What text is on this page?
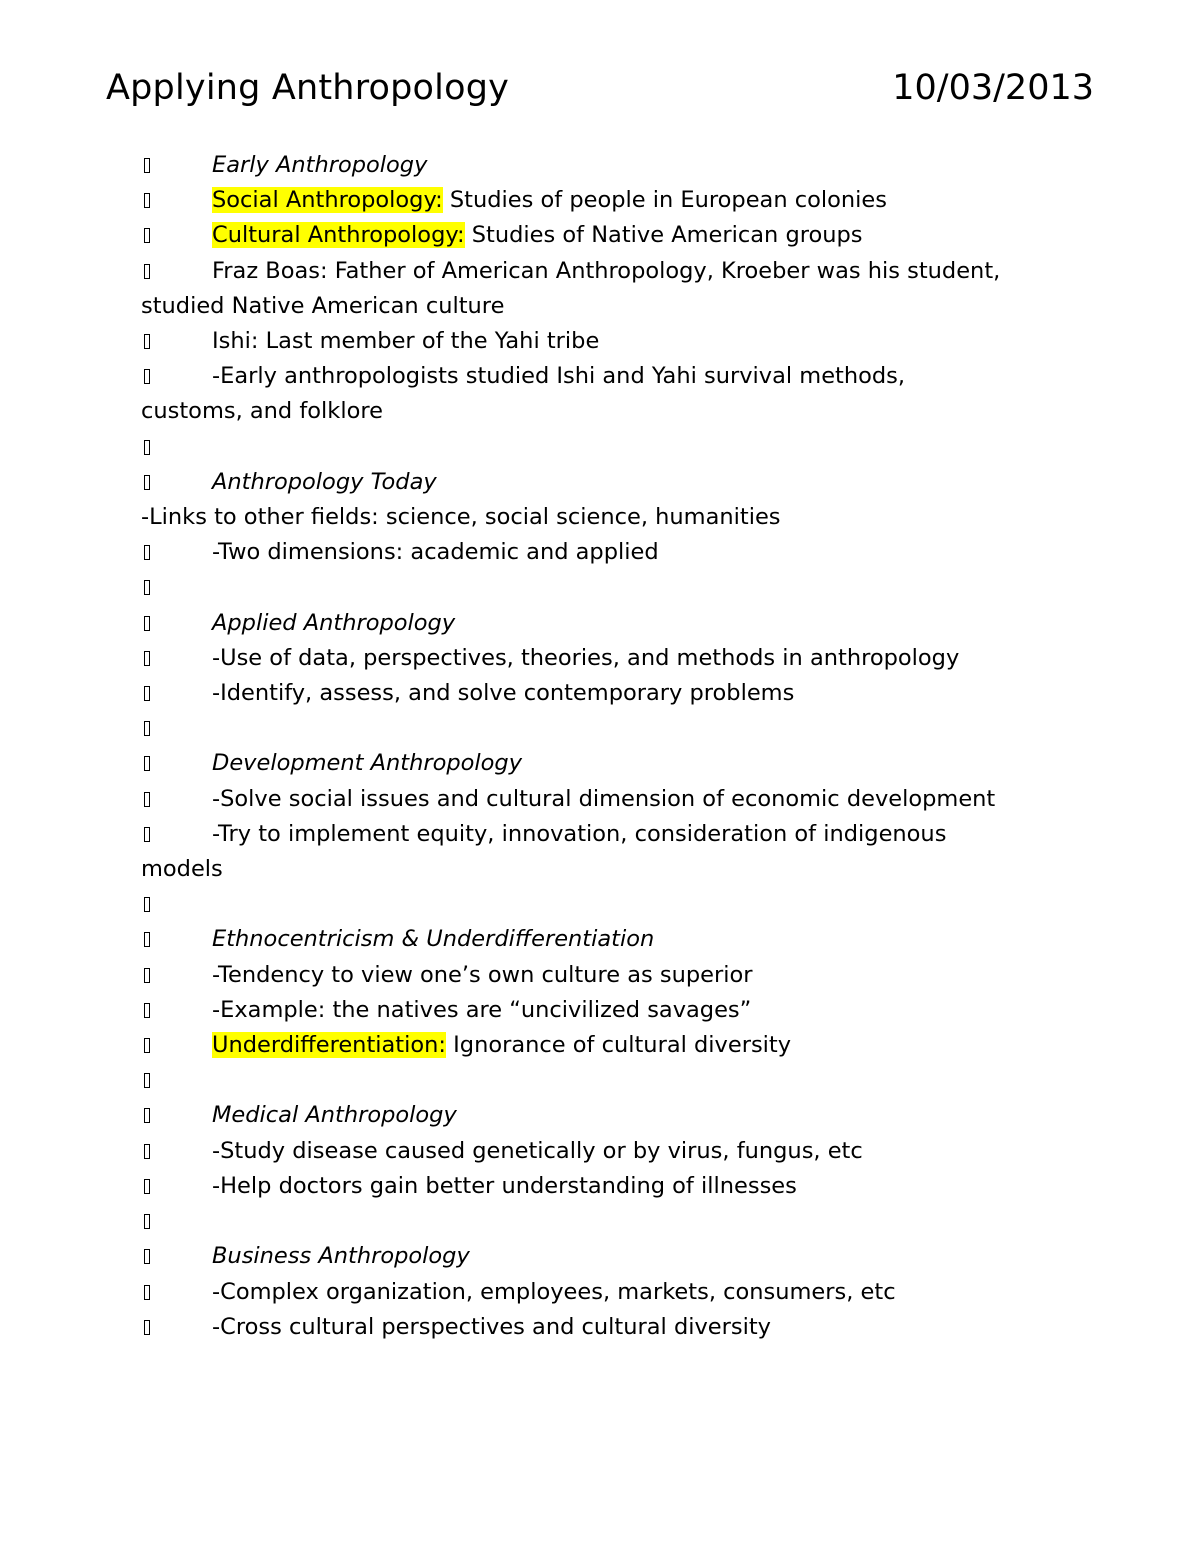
Applying Anthropology	10/03/2013
Early Anthropology
Social Anthropology: Studies of people in European colonies
Cultural Anthropology: Studies of Native American groups
Fraz Boas: Father of American Anthropology, Kroeber was his student,
studied Native American culture
Ishi: Last member of the Yahi tribe
-Early anthropologists studied Ishi and Yahi survival methods,
customs, and folklore

Anthropology Today
-Links to other fields: science, social science, humanities
-Two dimensions: academic and applied

Applied Anthropology
-Use of data, perspectives, theories, and methods in anthropology
-Identify, assess, and solve contemporary problems

Development Anthropology
-Solve social issues and cultural dimension of economic development
-Try to implement equity, innovation, consideration of indigenous
models

Ethnocentricism & Underdifferentiation
-Tendency to view one’s own culture as superior
-Example: the natives are “uncivilized savages”
Underdifferentiation: Ignorance of cultural diversity

Medical Anthropology
-Study disease caused genetically or by virus, fungus, etc
-Help doctors gain better understanding of illnesses

Business Anthropology
-Complex organization, employees, markets, consumers, etc
-Cross cultural perspectives and cultural diversity
